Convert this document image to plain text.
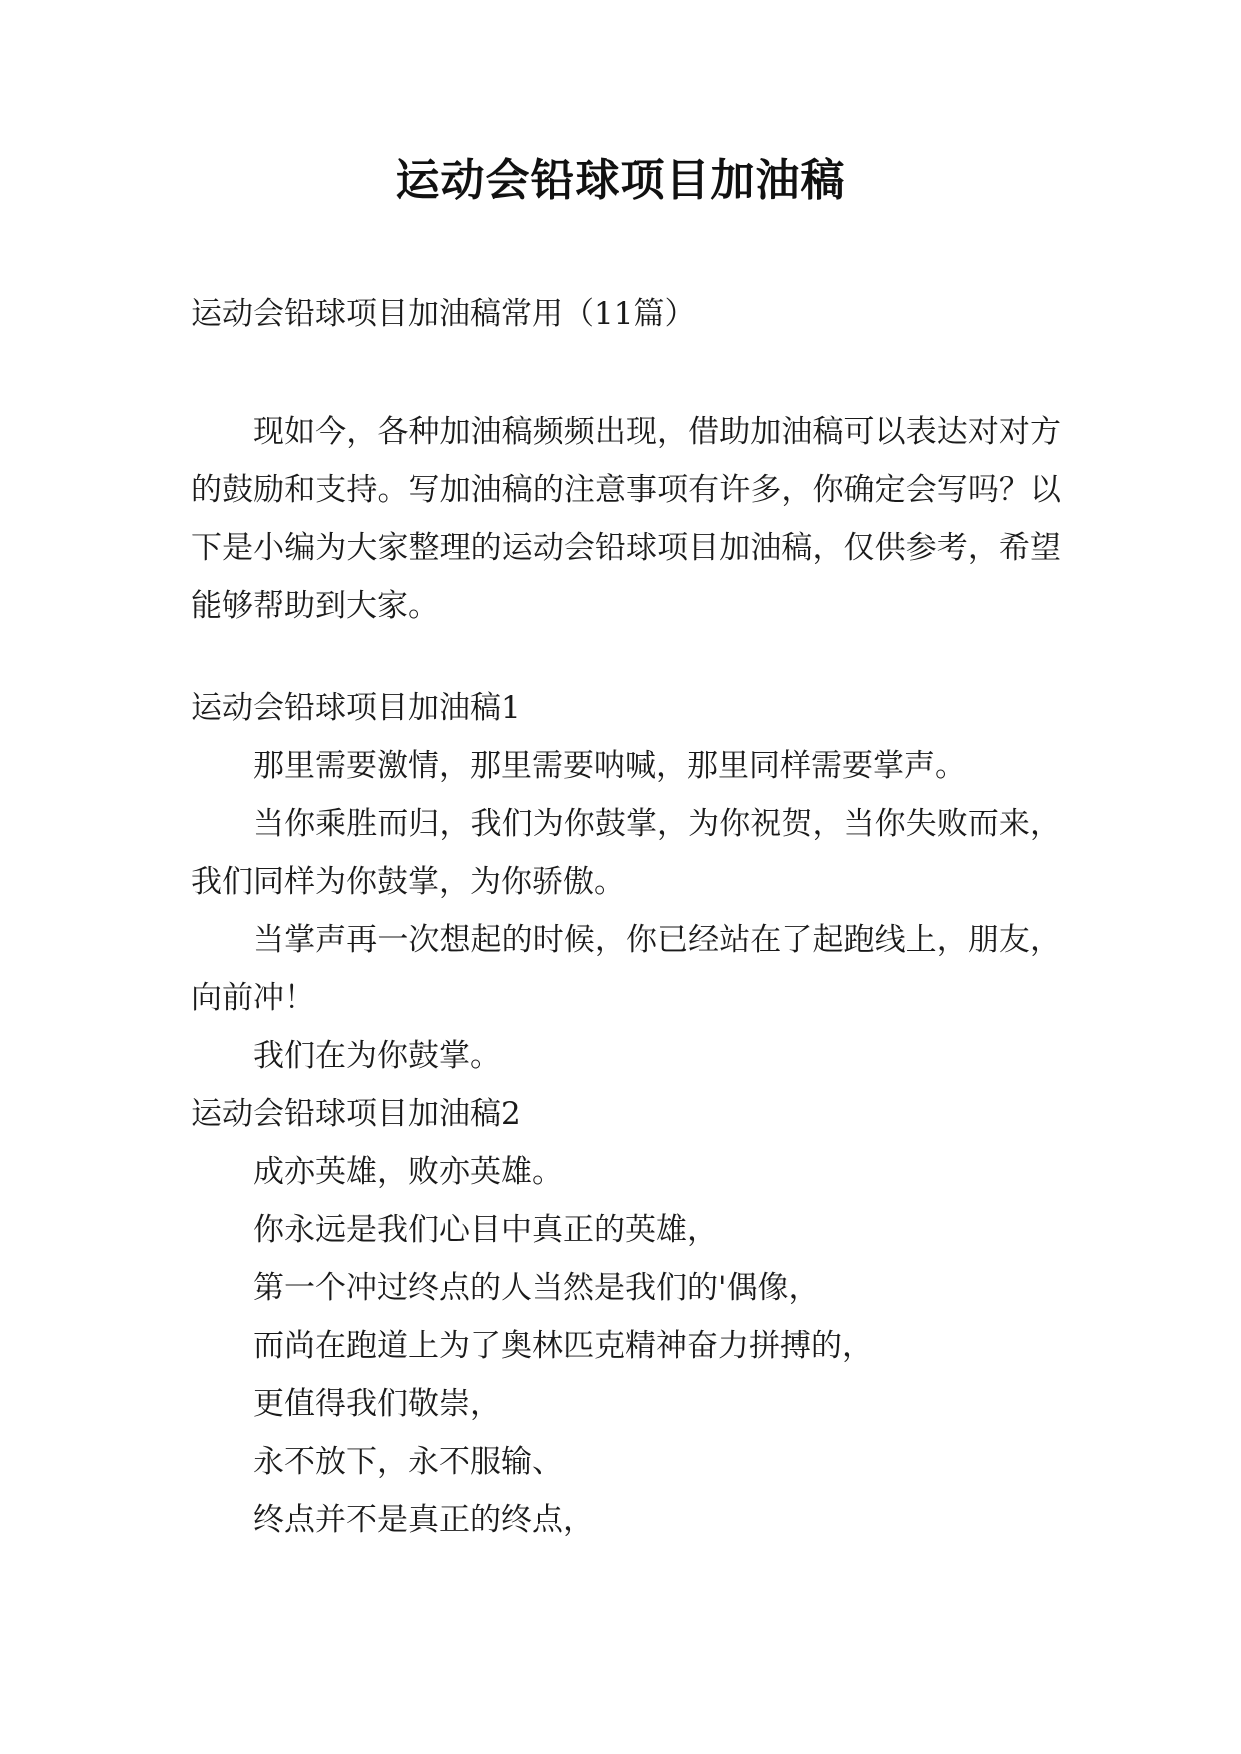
运动会铅球项目加油稿

运动会铅球项目加油稿常用（11篇）

现如今，各种加油稿频频出现，借助加油稿可以表达对对方的鼓励和支持。写加油稿的注意事项有许多，你确定会写吗？以下是小编为大家整理的运动会铅球项目加油稿，仅供参考，希望能够帮助到大家。

运动会铅球项目加油稿1

那里需要激情，那里需要呐喊，那里同样需要掌声。

当你乘胜而归，我们为你鼓掌，为你祝贺，当你失败而来，我们同样为你鼓掌，为你骄傲。

当掌声再一次想起的时候，你已经站在了起跑线上，朋友，向前冲！

我们在为你鼓掌。

运动会铅球项目加油稿2

成亦英雄，败亦英雄。

你永远是我们心目中真正的英雄，

第一个冲过终点的人当然是我们的'偶像，

而尚在跑道上为了奥林匹克精神奋力拼搏的，

更值得我们敬崇，

永不放下，永不服输、

终点并不是真正的终点，
